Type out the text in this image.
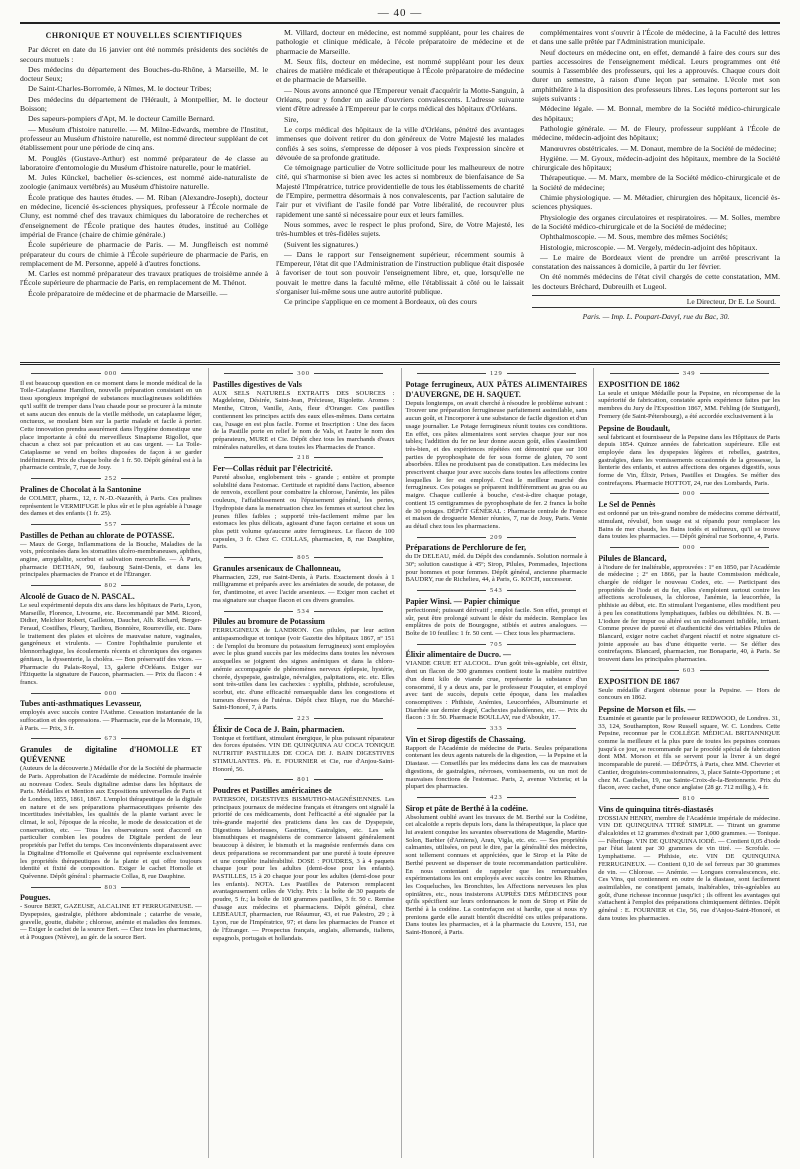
— 40 —
CHRONIQUE ET NOUVELLES SCIENTIFIQUES

Par décret en date du 16 janvier ont été nommés présidents des sociétés de secours mutuels :

Des médecins du département des Bouches-du-Rhône, à Marseille, M. le docteur Seux;

De Saint-Charles-Borromée, à Nîmes, M. le docteur Tribes;

Des médecins du département de l'Hérault, à Montpellier, M. le docteur Boisson;

Des sapeurs-pompiers d'Apt, M. le docteur Camille Bernard.

— Muséum d'histoire naturelle. — M. Milne-Edwards, membre de l'Institut, professeur au Muséum d'histoire naturelle, est nommé directeur suppléant de cet établissement pour une période de cinq ans.

M. Pouglès (Gustave-Arthur) est nommé préparateur de 4e classe au laboratoire d'entomologie du Muséum d'histoire naturelle, pour le matériel.

M. Jules Künckel, bachelier ès-sciences, est nommé aide-naturaliste de zoologie (animaux vertébrés) au Muséum d'histoire naturelle.

École pratique des hautes études. — M. Riban (Alexandre-Joseph), docteur en médecine, licencié ès-sciences physiques, professeur à l'École normale de Cluny, est nommé chef des travaux chimiques du laboratoire de recherches et d'enseignement de l'École pratique des hautes études, institué au Collège impérial de France (chaire de chimie générale.)

École supérieure de pharmacie de Paris. — M. Jungfleisch est nommé préparateur du cours de chimie à l'École supérieure de pharmacie de Paris, en remplacement de M. Personne, appelé à d'autres fonctions.

M. Carles est nommé préparateur des travaux pratiques de troisième année à l'École supérieure de pharmacie de Paris, en remplacement de M. Thénot.

École préparatoire de médecine et de pharmacie de Marseille. —

M. Villard, docteur en médecine, est nommé suppléant, pour les chaires de pathologie et clinique médicale, à l'école préparatoire de médecine et de pharmacie de Marseille.

M. Seux fils, docteur en médecine, est nommé suppléant pour les deux chaires de matière médicale et thérapeutique à l'École préparatoire de médecine et de pharmacie de Marseille.

— Nous avons annoncé que l'Empereur venait d'acquérir la Motte-Sanguin, à Orléans, pour y fonder un asile d'ouvriers convalescents. L'adresse suivante vient d'être adressée à l'Empereur par le corps médical des hôpitaux d'Orléans.

Sire,

Le corps médical des hôpitaux de la ville d'Orléans, pénétré des avantages immenses que doivent retirer du don généreux de Votre Majesté les malades confiés à ses soins, s'empresse de déposer à vos pieds l'expression sincère et dévouée de sa profonde gratitude.

Ce témoignage particulier de Votre sollicitude pour les malheureux de notre cité, qui s'harmonise si bien avec les actes si nombreux de bienfaisance de Sa Majesté l'Impératrice, tutrice providentielle de tous les établissements de charité de l'Empire, permettra désormais à nos convalescents, par l'action salutaire de l'air pur et vivifiant de l'asile fondé par Votre libéralité, de recouvrer plus rapidement une santé si nécessaire pour eux et leurs familles.

Nous sommes, avec le respect le plus profond, Sire, de Votre Majesté, les très-humbles et très-fidèles sujets.

(Suivent les signatures.)

— Dans le rapport sur l'enseignement supérieur, récemment soumis à l'Empereur, l'état dit que l'Administration de l'instruction publique était disposée à favoriser de tout son pouvoir l'enseignement libre, et, que, lorsqu'elle ne pouvait le mettre dans la faculté même, elle l'établissait à côté ou le laissait s'organiser lui-même sous une autre autorité publique.

Ce principe s'applique en ce moment à Bordeaux, où des cours

complémentaires vont s'ouvrir à l'École de médecine, à la Faculté des lettres et dans une salle prêtée par l'Administration municipale.

Neuf docteurs en médecine ont, en effet, demandé à faire des cours sur des parties accessoires de l'enseignement médical. Leurs programmes ont été soumis à l'assemblée des professeurs, qui les a approuvés. Chaque cours doit durer un semestre, à raison d'une leçon par semaine. L'école met son amphithéâtre à la disposition des professeurs libres. Les leçons porteront sur les sujets suivants :

Médecine légale. — M. Bonnal, membre de la Société médico-chirurgicale des hôpitaux;

Pathologie générale. — M. de Fleury, professeur suppléant à l'École de médecine, médecin-adjoint des hôpitaux;

Manœuvres obstétricales. — M. Donaut, membre de la Société de médecine;

Hygiène. — M. Gyoux, médecin-adjoint des hôpitaux, membre de la Société chirurgicale des hôpitaux;

Thérapeutique. — M. Marx, membre de la Société médico-chirurgicale et de la Société de médecine;

Chimie physiologique. — M. Métadier, chirurgien des hôpitaux, licencié ès-sciences physiques.

Physiologie des organes circulatoires et respiratoires. — M. Solles, membre de la Société médico-chirurgicale et de la Société de médecine;

Ophthalmoscopie. — M. Sous, membre des mêmes Sociétés;

Histologie, microscopie. — M. Vergely, médecin-adjoint des hôpitaux.

— Le maire de Bordeaux vient de prendre un arrêté prescrivant la constatation des naissances à domicile, à partir du 1er février.

On été nommés médecins de l'état civil chargés de cette constatation, MM. les docteurs Bréchard, Dubreuilh et Lugeol.

Le Directeur, Dr E. Le Sourd.
Paris. — Imp. L. Poupart-Davyl, rue du Bac, 30.
000

Il est beaucoup question en ce moment dans le monde médical de la Toile-Cataplasme Hamilton, nouvelle préparation consistant en un tissu spongieux imprégné de substances mucilagineuses solidifiées qu'il suffit de tremper dans l'eau chaude pour se procurer à la minute et sans aucun des ennuis de la vieille méthode, un cataplasme léger, onctueux, se moulant bien sur la partie malade et facile à porter. Cette innovation prendra assurément dans l'hygiène domestique une place importante à côté du merveilleux Sinapisme Rigollot, que chacun a chez soi par précaution et au cas urgent. — La Toile-Cataplasme se vend en boîtes disposées de façon à se garder indéfiniment. Prix de chaque boîte de 1 fr. 50. Dépôt général est à la pharmacie centrale, 7, rue de Jouy.

252

Pralines de Chocolat à la Santonine

de COLMET, pharm., 12, r. N.-D.-Nazaréth, à Paris. Ces pralines représentent le VERMIFUGE le plus sûr et le plus agréable à l'usage des dames et des enfants (1 fr. 25).

557

Pastilles de Pethan au chlorate de POTASSE.

— Maux de Gorge, Inflammations de la Bouche, Maladies de la voix, préconisées dans les stomatites ulcéro-membraneuses, aphthes, angine, amygdalite, scorbut et salivation mercurielle. — À Paris, pharmacie DETHAN, 90, faubourg Saint-Denis, et dans les principales pharmacies de France et de l'Étranger.

802

Alcoolé de Guaco de N. PASCAL.

Le seul expérimenté depuis dix ans dans les hôpitaux de Paris, Lyon, Marseille, Florence, Livourne, etc. Recommandé par MM. Ricord, Didier, Melchior Robert, Gailleton, Dauchet, Alb. Richard, Berger-Feraud, Costilhes, Fleury, Tardieu, Bonnière, Rourreville, etc. Dans le traitement des plaies et ulcères de mauvaise nature, vaginales, gangréneux et virulents. — Contre l'ophthalmie purulente et blennorrhagique, les écoulements récents et chroniques des organes génitaux, la dyssenterie, la choléra. — Bon préservatif des vices. — Pharmacie du Palais-Royal, 13, galerie d'Orléans. Exiger sur l'Étiquette la signature de Faucon, pharmacien. — Prix du flacon : 4 francs.

000

Tubes anti-asthmatiques Levasseur,

employés avec succès contre l'Asthme. Cessation instantanée de la suffocation et des oppressions. — Pharmacie, rue de la Monnaie, 19, à Paris. — Prix, 3 fr.

673

Granules de digitaline d'HOMOLLE ET QUÉVENNE

(Auteurs de la découverte.) Médaille d'or de la Société de pharmacie de Paris. Approbation de l'Académie de médecine. Formule insérée au nouveau Codex. Seuls digitaline admise dans les hôpitaux de Paris. Médailles et Mention aux Expositions universelles de Paris et de Londres, 1855, 1861, 1867. L'emploi thérapeutique de la digitale en nature et de ses préparations pharmaceutiques présente des incertitudes inévitables, les qualités de la plante variant avec le climat, le sol, l'époque de la récolte, le mode de dessiccation et de conservation, etc. — Tous les observateurs sont d'accord en particulier combien les poudres de Digitale perdent de leur propriétés par l'effet du temps. Ces inconvénients disparaissent avec la Digitaline d'Homolle et Quévenne qui représente exclusivement les propriétés thérapeutiques de la plante et qui offre toujours identité et fixité de composition. Exiger le cachet Homolle et Quévenne. Dépôt général : pharmacie Collas, 8, rue Dauphine.

803

Pougues.

- Source BERT, GAZEUSE, ALCALINE ET FERRUGINEUSE. — Dyspepsies, gastralgie, pléthore abdominale ; catarrhe de vessie, gravelle, goutte, diabète ; chlorose, anémie et maladies des femmes. — Exiger le cachet de la source Bert. — Chez tous les pharmaciens, et à Pougues (Nièvre), au gér. de la source Bert.

300

Pastilles digestives de Vals

AUX SELS NATURELS EXTRAITS DES SOURCES : Magdeleine, Désirée, Saint-Jean, Précieuse, Rigolette. Aromes : Menthe, Citron, Vanille, Anis, fleur d'Oranger. Ces pastilles contiennent les principes actifs des eaux elles-mêmes. Dans certains cas, l'usage en est plus facile. Forme et Inscription : Une des faces de la Pastille porte en relief le nom de Vals, et l'autre le nom des préparateurs, MURE et Cie. Dépôt chez tous les marchands d'eaux minérales naturelles, et dans toutes les Pharmacies de France.

218

Fer—Collas réduit par l'électricité.

Pureté absolue, englobement très - grande ; entière et prompte solubilité dans l'estomac. Certitude et rapidité dans l'action, absence de renvois, excellent pour combattre la chlorose, l'anémie, les pâles couleurs, l'affaiblissement ou l'épuisement général, les pertes, l'hydropisie dans la menstruation chez les femmes et surtout chez les jeunes filles faibles ; supporté très-facilement même par les estomacs les plus délicats, agissant d'une façon certaine et sous un plus petit volume qu'aucune autre ferrugineux. Le flacon de 100 capsules, 3 fr. Chez C. COLLAS, pharmacien, 8, rue Dauphine, Paris.

805

Granules arsenicaux de Challonneau,

Pharmacien, 229, rue Saint-Denis, à Paris. Exactement dosés à 1 milligramme et préparés avec les arséniates de soude, de potasse, de fer, d'antimoine, et avec l'acide arsenieux. — Exiger mon cachet et ma signature sur chaque flacon et ces divers granules.

534

Pilules au bromure de Potassium

FERRUGINEUX de LANDRON. Ces pilules, par leur action antispasmodique et tonique (voir Gazette des hôpitaux 1867, nº 151 : de l'emploi du bromure du potassium ferrugineux) sont employées avec le plus grand succès par les médecins dans toutes les névroses auxquelles se joignent des signes anémiques et dans la chloro-anémie accompagnée de phénomènes nerveux épilepsie, hystérie, chorée, dyspepsie, gastralgie, névralgies, palpitations, etc. etc. Elles sont très-utiles dans les cachexies : syphilis, phthisie, scrofuleuse, scorbut, etc. d'une efficacité remarquable dans les congestions et tumeurs diverses de l'utérus. Dépôt chez Blayn, rue du Marché-Saint-Honoré, 7, à Paris.

223

Élixir de Coca de J. Bain, pharmacien.

Tonique et fortifiant, stimulant énergique, le plus puissant réparateur des forces épuisées. VIN DE QUINQUINA AU COCA TONIQUE NUTRITIF PASTILLES DE COCA DE J. BAIN DIGESTIVES STIMULANTES. Ph. E. FOURNIER et Cie, rue d'Anjou-Saint-Honoré, 56.

801

Poudres et Pastilles américaines de

PATERSON, DIGESTIVES BISMUTHO-MAGNÉSIENNES. Les principaux journaux de médecine français et étrangers ont signalé la priorité de ces médicaments, dont l'efficacité a été signalée par la très-grande majorité des praticiens dans les cas de Dyspepsie, Digestions laborieuses, Gastrites, Gastralgies, etc. Les sels bismuthiques et magnésiens de commerce laissent généralement beaucoup à désirer, le bismuth et la magnésie renfermés dans ces deux préparations se recommandent par une pureté à toute épreuve et une complète inaltérabilité. DOSE : POUDRES, 3 à 4 paquets chaque jour pour les adultes (demi-dose pour les enfants). PASTILLES, 15 à 20 chaque jour pour les adultes (demi-dose pour les enfants). NOTA. Les Pastilles de Paterson remplacent avantageusement celles de Vichy. Prix : la boîte de 30 paquets de poudre, 5 fr.; la boîte de 100 grammes pastilles, 3 fr. 50 c. Remise d'usage aux médecins et pharmaciens. Dépôt général, chez LEBEAULT, pharmacien, rue Réaumur, 43, et rue Palestro, 29 ; à Lyon, rue de l'Impératrice, 97; et dans les pharmacies de France et de l'Étranger. — Prospectus français, anglais, allemands, italiens, espagnols, portugais et hollandais.

129

Potage ferrugineux, AUX PÂTES ALIMENTAIRES D'AUVERGNE, DE H. SAQUET.

Depuis longtemps, on avait cherché à résoudre le problème suivant : Trouver une préparation ferrugineuse parfaitement assimilable, sans aucun goût, et l'incorporer à une substance de facile digestion et d'un usage journalier. Le Potage ferrugineux réunit toutes ces conditions. En effet, ces pâtes alimentaires sont servies chaque jour sur nos tables; l'addition du fer ne leur donne aucun goût, elles s'assimilent très-bien, et des expériences répétées ont démontré que sur 100 parties de pyrophosphate de fer sous forme de gluten, 70 sont absorbées. Elles ne produisent pas de constipation. Les médecins les prescrivent chaque jour avec succès dans toutes les affections contre lesquelles le fer est employé. C'est le meilleur marché des ferrugineux. Ces potages se préparent indifféremment au gras ou au maigre. Chaque cuillerée à bouche, c'est-à-dire chaque potage, contient 15 centigrammes de pyrophosphate de fer. 2 francs la boîte de 30 potages. DÉPÔT GÉNÉRAL : Pharmacie centrale de France et maison de droguerie Menier réunies, 7, rue de Jouy, Paris. Vente au détail chez tous les pharmaciens.

209

Préparations de Perchlorure de fer,

du Dr DELEAU, méd. du Dépôt des condamnés. Solution normale à 30º; solution caustique à 45º; Sirop, Pilules, Pommades, Injections pour hommes et pour femmes. Dépôt général, ancienne pharmacie BAUDRY, rue de Richelieu, 44, à Paris, G. KOCH, successeur.

543

Papier Winsi. — Papier chimique

perfectionné; puissant dérivatif ; emploi facile. Son effet, prompt et sûr, peut être prolongé suivant le désir du médecin. Remplace les emplâtres de poix de Bourgogne, stibiés et autres analogues. — Boîte de 10 feuilles: 1 fr. 50 cent. — Chez tous les pharmaciens.

705

Élixir alimentaire de Ducro. —

VIANDE CRUE ET ALCOOL. D'un goût très-agréable, cet élixir, dont un flacon de 300 grammes contient toute la matière nutritive d'un demi kilo de viande crue, représente la substance d'un consommé, il y a deux ans, par le professeur Fouquier, et employé avec tant de succès, depuis cette époque, dans les maladies consomptives : Phthisie, Anémies, Leucorrhées, Albuminurie et Diarrhée sur dernier degré, Cachexies paludéennes, etc. — Prix du flacon : 3 fr. 50. Pharmacie BOULLAY, rue d'Aboukir, 17.

333

Vin et Sirop digestifs de Chassaing.

Rapport de l'Académie de médecine de Paris. Seules préparations contenant les deux agents naturels de la digestion, — la Pepsine et la Diastase. — Conseillés par les médecins dans les cas de mauvaises digestions, de gastralgies, névroses, vomissements, ou un mot de mauvaises fonctions de l'estomac. Paris, 2, avenue Victoria; et la plupart des pharmacies.

423

Sirop et pâte de Berthé à la codéine.

Absolument oublié avant les travaux de M. Berthé sur la Codéine, cet alcaloïde a repris depuis lors, dans la thérapeutique, la place que lui avaient conquise les savantes observations de Magendie, Martin-Solon, Barbier (d'Amiens), Aran, Vigla, etc. etc. — Ses propriétés calmantes, utilisées, on peut le dire, par la généralité des médecins, sont tellement connues et appréciées, que le Sirop et la Pâte de Berthé peuvent se dispenser de toute recommandation particulière. En nous contentant de rappeler que les remarquables expérimentations les ont employés avec succès contre les Rhumes, les Coqueluches, les Bronchites, les Affections nerveuses les plus opiniâtres, etc., nous insisterons AUPRÈS DES MÉDECINS pour qu'ils spécifient sur leurs ordonnances le nom de Sirop et Pâte de Berthé à la codéine. La contrefaçon est si hardie, que si nous n'y prenions garde elle aurait bientôt discrédité ces utiles préparations. Dans toutes les pharmacies, et à la pharmacie du Louvre, 151, rue Saint-Honoré, à Paris.

349

EXPOSITION DE 1862

La seule et unique Médaille pour la Pepsine, en récompense de la supériorité de fabrication, constatée après expérience faites par les membres du Jury de l'Exposition 1867, MM. Fehling (de Stuttgard), Fremery (de Saint-Pétersbourg), a été accordée exclusivement à la

Pepsine de Boudault,

seul fabricant et fournisseur de la Pepsine dans les Hôpitaux de Paris depuis 1854. Quinze années de fabrication supérieure. Elle est employée dans les dyspepsies légères et rebelles, gastrites, gastralgies, dans les vomissements occasionnés de la grossesse, la lienterie des enfants, et autres affections des organes digestifs, sous forme de Vin, Élixir, Prises, Pastilles et Dragées. Se méfier des contrefaçons. Pharmacie HOTTOT, 24, rue des Lombards, Paris.

000

Le Sel de Pennès

est ordonné par un très-grand nombre de médecins comme dérivatif, stimulant, révulsif, bon usage est si répandu pour remplacer les Bains de mer chauds, les Bains iodés et sulfureux, qu'il se trouve dans toutes les pharmacies. — Dépôt général rue Sorbonne, 4, Paris.

000

Pilules de Blancard,

à l'iodure de fer inaltérable, approuvées : 1º en 1850, par l'Académie de médecine ; 2º en 1866, par la haute Commission médicale, chargée de rédiger le nouveau Codex, etc. — Participant des propriétés de l'iode et du fer, elles s'emploient surtout contre les affections scrofuleuses, la chlorose, l'anémie, la leucorrhée, la phthisie au début, etc. En stimulant l'organisme, elles modifient peu à peu les constitutions lymphatiques, faibles ou débilitées. N. B. — L'iodure de fer impur ou altéré est un médicament infidèle, irritant. Comme preuve de pureté et d'authenticité des véritables Pilules de Blancard, exiger notre cachet d'argent réactif et notre signature ci-jointe apposée au bas d'une étiquette verte. — Se défier des contrefaçons. Blancard, pharmacien, rue Bonaparte, 40, à Paris. Se trouvent dans les principales pharmacies.

603

EXPOSITION DE 1867

Seule médaille d'argent obtenue pour la Pepsine. — Hors de concours en 1862.

Pepsine de Morson et fils. —

Examinée et garantie par le professeur REDWOOD, de Londres. 31, 33, 124, Southampton, Row Russell square, W. C. Londres. Cette Pepsine, reconnue par le COLLÈGE MÉDICAL BRITANNIQUE comme la meilleure et la plus pure de toutes les pepsines connues jusqu'à ce jour, se recommande par le procédé spécial de fabrication dont MM. Morson et fils se servent pour la livrer à un degré incomparable de pureté. — DÉPÔTS, à Paris, chez MM. Chevrier et Cantier, droguistes-commissionnaires, 3, place Sainte-Opportune ; et chez M. Castbelas, 19, rue Sainte-Croix-de-la-Bretonnerie. Prix du flacon, avec cachet, d'une once anglaise (28 gr. 712 millig.), 4 fr.

810

Vins de quinquina titrés-diastasés

D'OSSIAN HENRY, membre de l'Académie impériale de médecine. VIN DE QUINQUINA TITRÉ SIMPLE. — Titrant un gramme d'alcaloïdes et 12 grammes d'extrait par 1,000 grammes. — Tonique. — Fébrifuge. VIN DE QUINQUINA IODÉ. — Contient 0,05 d'iode par l'état latent par 30 grammes de vin titré. — Scrofule. — Lymphatisme. — Phthisie, etc. VIN DE QUINQUINA FERRUGINEUX. — Contient 0,10 de sel ferreux par 30 grammes de vin. — Chlorose. — Anémie. — Longues convalescences, etc. Ces Vins, qui contiennent en outre de la diastase, sont facilement assimilables, ne constipent jamais, inaltérables, très-agréables au goût, d'une richesse inconnue jusqu'ici ; ils offrent les avantages qui s'attachent à l'emploi des préparations chimiquement définies. Dépôt général : E. FOURNIER et Cie, 56, rue d'Anjou-Saint-Honoré, et dans toutes les pharmacies.
